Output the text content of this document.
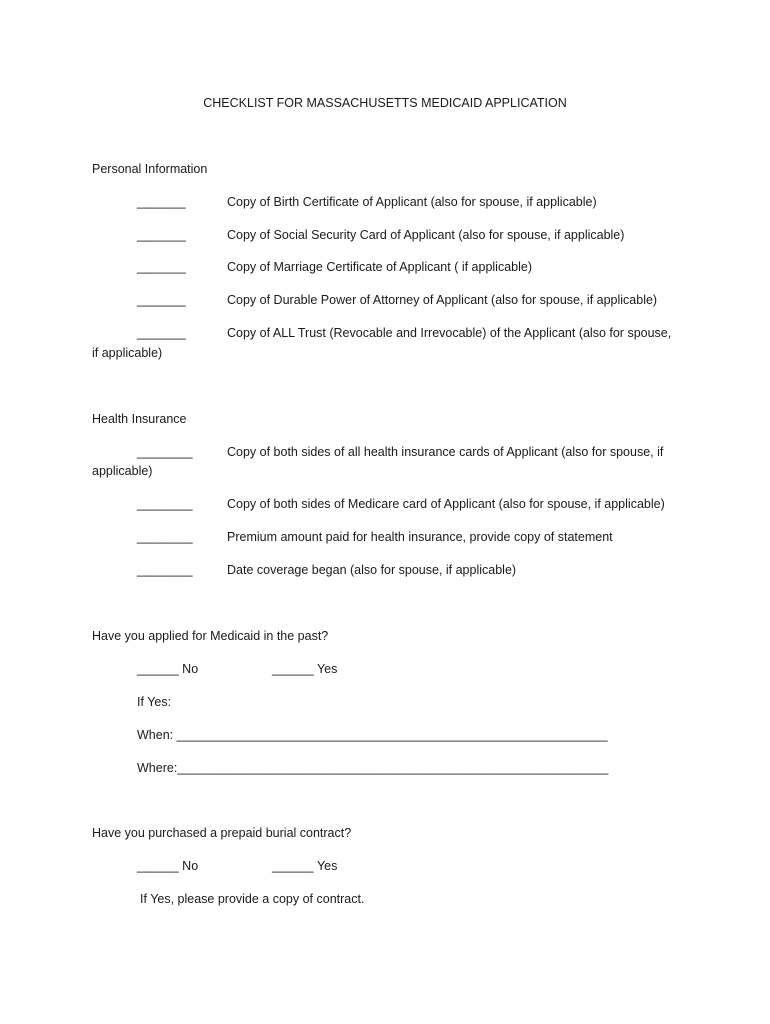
CHECKLIST FOR MASSACHUSETTS MEDICAID APPLICATION
Personal Information
_______	Copy of Birth Certificate of Applicant (also for spouse, if applicable)
_______	Copy of Social Security Card of Applicant (also for spouse, if applicable)
_______	Copy of Marriage Certificate of Applicant ( if applicable)
_______	Copy of Durable Power of Attorney of Applicant (also for spouse, if applicable)
_______	Copy of ALL Trust (Revocable and Irrevocable) of the Applicant (also for spouse,
if applicable)
Health Insurance
________	Copy of both sides of all health insurance cards of Applicant (also for spouse, if
applicable)
________	Copy of both sides of Medicare card of Applicant (also for spouse, if applicable)
________	Premium amount paid for health insurance, provide copy of statement
________	Date coverage began (also for spouse, if applicable)
Have you applied for Medicaid in the past?
______ No	______ Yes
If Yes:
When: ______________________________________________________________
Where:______________________________________________________________
Have you purchased a prepaid burial contract?
______ No	______ Yes
If Yes, please provide a copy of contract.
